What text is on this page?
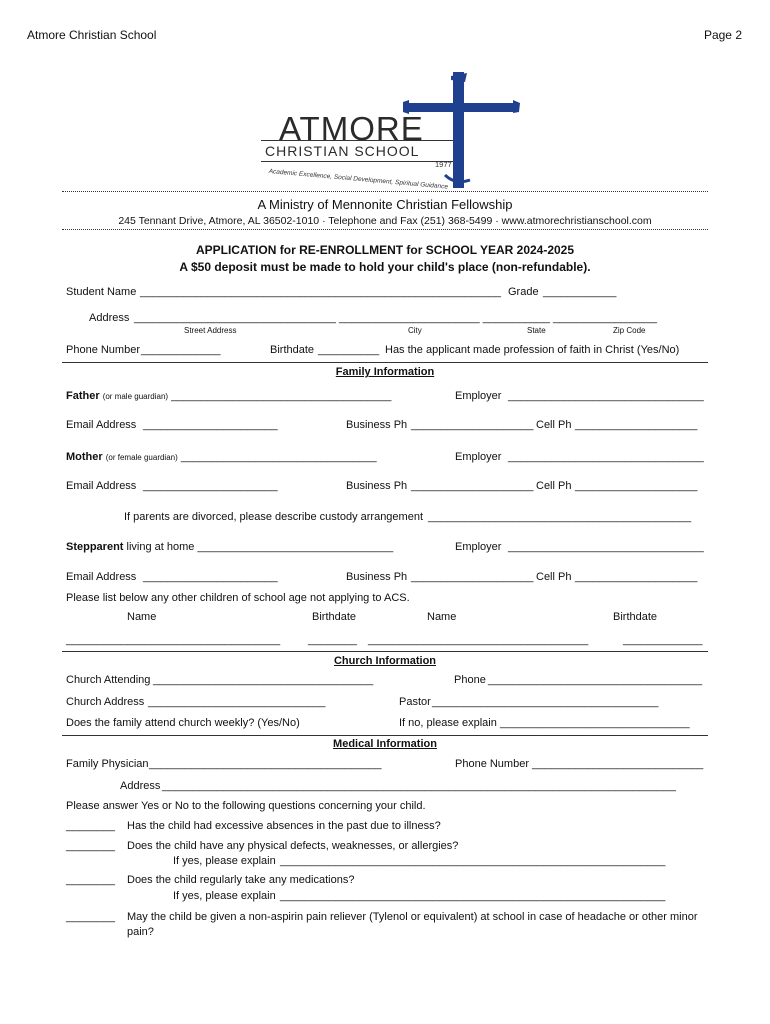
Atmore Christian School	Page 2
ATMORE
CHRISTIAN SCHOOL
1977
Academic Excellence, Social Development, Spiritual Guidance
A Ministry of Mennonite Christian Fellowship
245 Tennant Drive, Atmore, AL 36502-1010 · Telephone and Fax (251) 368-5499 · www.atmorechristianschool.com
APPLICATION for RE-ENROLLMENT for SCHOOL YEAR 2024-2025
A $50 deposit must be made to hold your child's place (non-refundable).
Student Name ___________________________________________________________ Grade ____________
Address _________________________________ _______________________ ___________ _________________
Street Address	City	State	Zip Code
Phone Number _____________	Birthdate __________ Has the applicant made profession of faith in Christ (Yes/No)
Family Information
Father (or male guardian) ____________________________________	Employer ________________________________
Email Address ______________________	Business Ph ____________________ Cell Ph ____________________
Mother (or female guardian) ________________________________	Employer ________________________________
Email Address ______________________	Business Ph ____________________ Cell Ph ____________________
If parents are divorced, please describe custody arrangement ___________________________________________
Stepparent living at home ________________________________	Employer ________________________________
Email Address ______________________	Business Ph ____________________ Cell Ph ____________________
Please list below any other children of school age not applying to ACS.
Name	Birthdate	Name	Birthdate
___________________________________	________ ____________________________________	_____________
Church Information
Church Attending ____________________________________	Phone ___________________________________
Church Address _____________________________	Pastor _____________________________________
Does the family attend church weekly? (Yes/No)	If no, please explain _______________________________
Medical Information
Family Physician ______________________________________	Phone Number ____________________________
Address ____________________________________________________________________________________
Please answer Yes or No to the following questions concerning your child.
________ Has the child had excessive absences in the past due to illness?
________ Does the child have any physical defects, weaknesses, or allergies?
If yes, please explain _______________________________________________________________
________ Does the child regularly take any medications?
If yes, please explain _______________________________________________________________
________ May the child be given a non-aspirin pain reliever (Tylenol or equivalent) at school in case of headache or other minor
pain?
